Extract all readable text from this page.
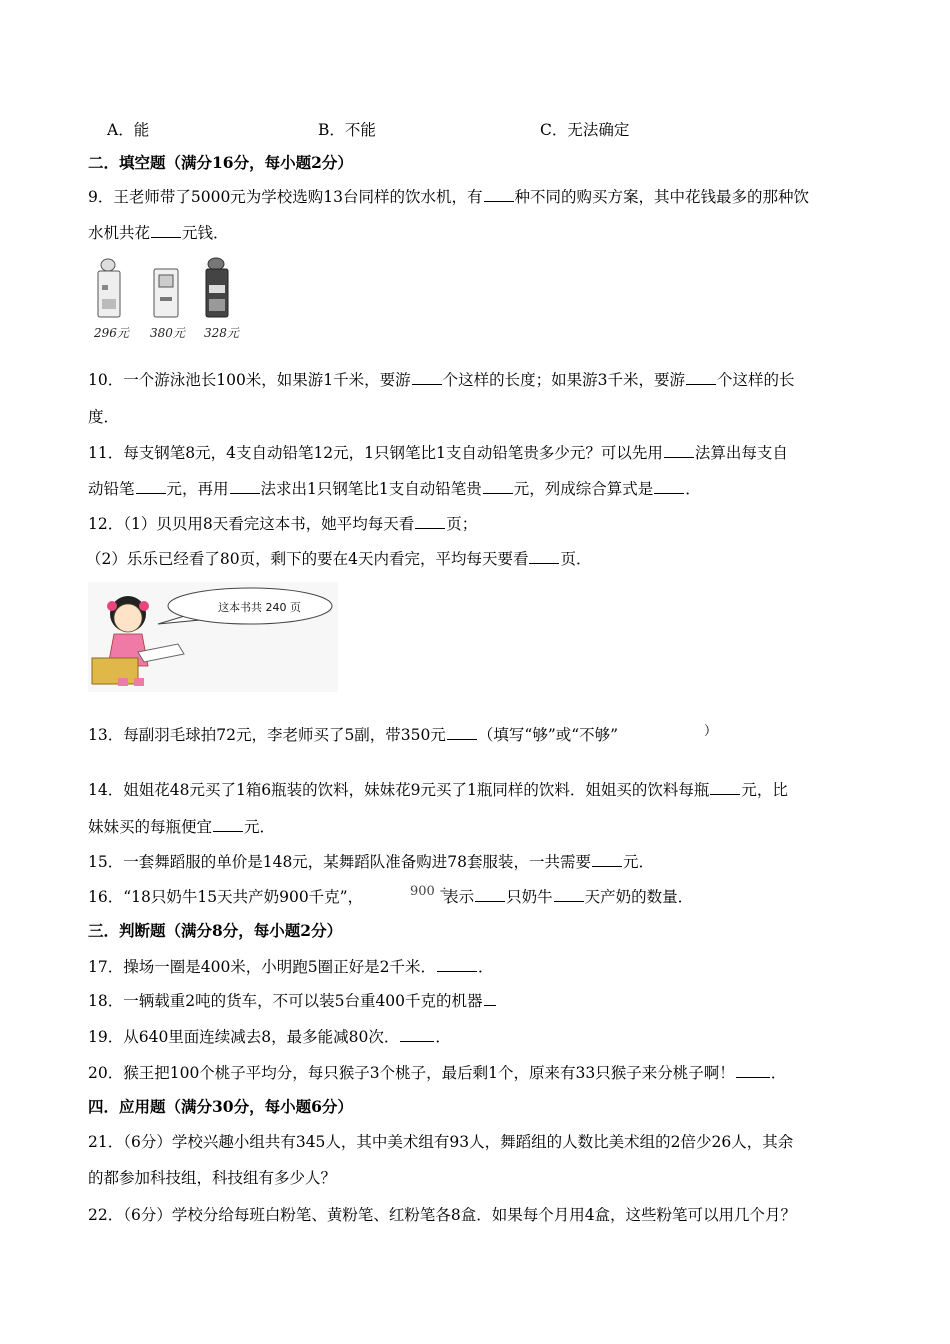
A．能	B．不能	C．无法确定
二．填空题（满分16分，每小题2分）
9．王老师带了5000元为学校选购13台同样的饮水机，有 种不同的购买方案，其中花钱最多的那种饮
水机共花 元钱．
296元 380元 328元
10．一个游泳池长100米，如果游1千米，要游 个这样的长度；如果游3千米，要游 个这样的长
度．
11．每支钢笔8元，4支自动铅笔12元，1只钢笔比1支自动铅笔贵多少元？可以先用 法算出每支自
动铅笔 元，再用 法求出1只钢笔比1支自动铅笔贵 元，列成综合算式是 ．
12．（1）贝贝用8天看完这本书，她平均每天看 页；
（2）乐乐已经看了80页，剩下的要在4天内看完，平均每天要看 页．
这本书共 240 页
13．每副羽毛球拍72元，李老师买了5副，带350元 （填写“够”或“不够”	）
14．姐姐花48元买了1箱6瓶装的饮料，妹妹花9元买了1瓶同样的饮料．姐姐买的饮料每瓶 元，比
妹妹买的每瓶便宜 元．
15．一套舞蹈服的单价是148元，某舞蹈队准备购进78套服装，一共需要 元．
16．“18只奶牛15天共产奶900千克”，	表示 只奶牛 天产奶的数量．
900 ÷
三．判断题（满分8分，每小题2分）
17．操场一圈是400米，小明跑5圈正好是2千米．	．
18．一辆载重2吨的货车，不可以装5台重400千克的机器
19．从640里面连续减去8，最多能减80次． ．
20．猴王把100个桃子平均分，每只猴子3个桃子，最后剩1个，原来有33只猴子来分桃子啊！ ．
四．应用题（满分30分，每小题6分）
21．（6分）学校兴趣小组共有345人，其中美术组有93人，舞蹈组的人数比美术组的2倍少26人，其余
的都参加科技组，科技组有多少人？
22．（6分）学校分给每班白粉笔、黄粉笔、红粉笔各8盒．如果每个月用4盒，这些粉笔可以用几个月？
